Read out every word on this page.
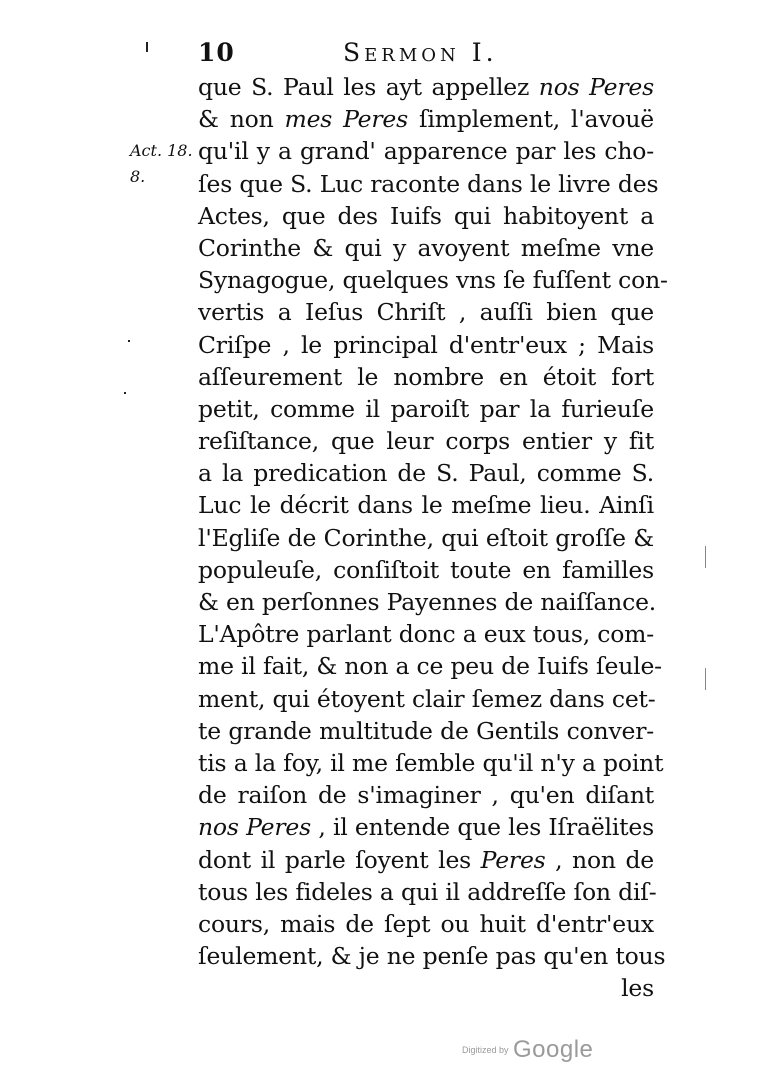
10	Sermon I.
Act. 18.
8.
que S. Paul les ayt appellez nos Peres
& non mes Peres ſimplement, l'avouë
qu'il y a grand' apparence par les cho-
ſes que S. Luc raconte dans le livre des
Actes, que des Iuifs qui habitoyent a
Corinthe & qui y avoyent meſme vne
Synagogue, quelques vns ſe fuſſent con-
vertis a Ieſus Chriſt , auſſi bien que
Criſpe , le principal d'entr'eux ; Mais
aſſeurement le nombre en étoit fort
petit, comme il paroiſt par la furieuſe
reſiſtance, que leur corps entier y fit
a la predication de S. Paul, comme S.
Luc le décrit dans le meſme lieu. Ainſi
l'Egliſe de Corinthe, qui eſtoit groſſe &
populeuſe, conſiſtoit toute en familles
& en perſonnes Payennes de naiſſance.
L'Apôtre parlant donc a eux tous, com-
me il fait, & non a ce peu de Iuifs ſeule-
ment, qui étoyent clair ſemez dans cet-
te grande multitude de Gentils conver-
tis a la foy, il me ſemble qu'il n'y a point
de raiſon de s'imaginer , qu'en diſant
nos Peres , il entende que les Iſraëlites
dont il parle ſoyent les Peres , non de
tous les fideles a qui il addreſſe ſon diſ-
cours, mais de ſept ou huit d'entr'eux
ſeulement, & je ne penſe pas qu'en tous
les
Digitized by Google
